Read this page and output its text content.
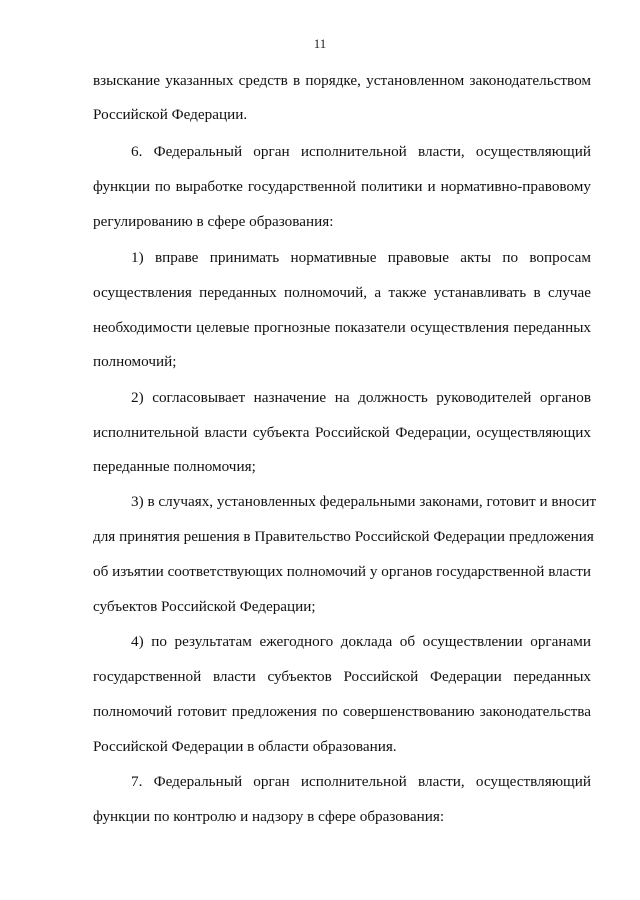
11
взыскание указанных средств в порядке, установленном законодательством
Российской Федерации.
6. Федеральный орган исполнительной власти, осуществляющий
функции по выработке государственной политики и нормативно-правовому
регулированию в сфере образования:
1) вправе принимать нормативные правовые акты по вопросам
осуществления переданных полномочий, а также устанавливать в случае
необходимости целевые прогнозные показатели осуществления переданных
полномочий;
2) согласовывает назначение на должность руководителей органов
исполнительной власти субъекта Российской Федерации, осуществляющих
переданные полномочия;
3) в случаях, установленных федеральными законами, готовит и вносит
для принятия решения в Правительство Российской Федерации предложения
об изъятии соответствующих полномочий у органов государственной власти
субъектов Российской Федерации;
4) по результатам ежегодного доклада об осуществлении органами
государственной власти субъектов Российской Федерации переданных
полномочий готовит предложения по совершенствованию законодательства
Российской Федерации в области образования.
7. Федеральный орган исполнительной власти, осуществляющий
функции по контролю и надзору в сфере образования:
